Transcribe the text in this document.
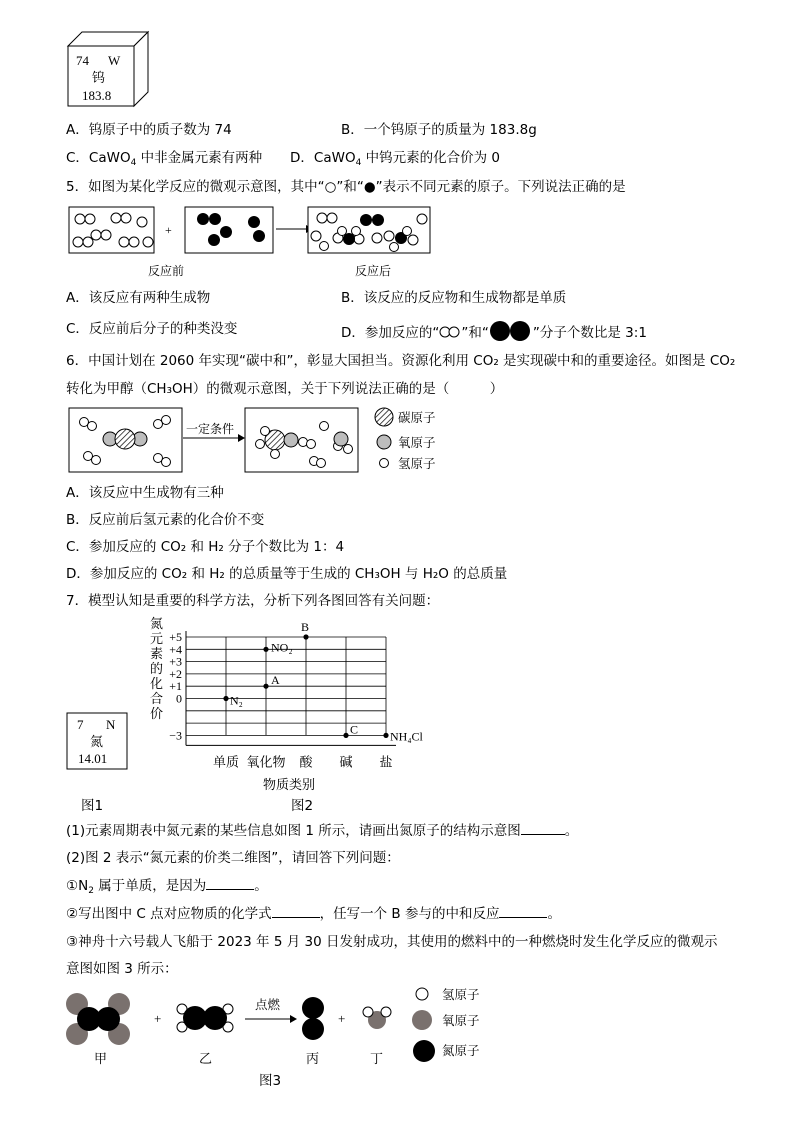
74 W
钨
183.8
A．钨原子中的质子数为 74	B．一个钨原子的质量为 183.8g
C．CaWO$_4$ 中非金属元素有两种 D．CaWO$_4$ 中钨元素的化合价为 0
5．如图为某化学反应的微观示意图，其中“○”和“●”表示不同元素的原子。下列说法正确的是
+
反应前	反应后
A．该反应有两种生成物	B．该反应的反应物和生成物都是单质
C．反应前后分子的种类没变	D．参加反应的“ ”和“	”分子个数比是 3:1
6．中国计划在 2060 年实现“碳中和”，彰显大国担当。资源化利用 CO₂ 是实现碳中和的重要途径。如图是 CO₂
转化为甲醇（CH₃OH）的微观示意图，关于下列说法正确的是（　　　）
一定条件
碳原子
氧原子
氢原子
A．该反应中生成物有三种
B．反应前后氢元素的化合价不变
C．参加反应的 CO₂ 和 H₂ 分子个数比为 1：4
D．参加反应的 CO₂ 和 H₂ 的总质量等于生成的 CH₃OH 与 H₂O 的总质量
7．模型认知是重要的科学方法，分析下列各图回答有关问题：
7 N
氮
14.01
图1
氮元素的化合价
+5
+4
+3
+2
+1
0
−3
N₂
A
NO₂
B
C	NH₄Cl
单质 氧化物 酸 碱 盐
物质类别
图2
(1)元素周期表中氮元素的某些信息如图 1 所示，请画出氮原子的结构示意图	。
(2)图 2 表示“氮元素的价类二维图”，请回答下列问题：
$①N_2$ 属于单质，是因为	。
②写出图中 C 点对应物质的化学式	，任写一个 B 参与的中和反应	。
③神舟十六号载人飞船于 2023 年 5 月 30 日发射成功，其使用的燃料中的一种燃烧时发生化学反应的微观示
意图如图 3 所示：
甲
+
乙
点燃
丙
+
丁
氢原子
氧原子
氮原子
图3
